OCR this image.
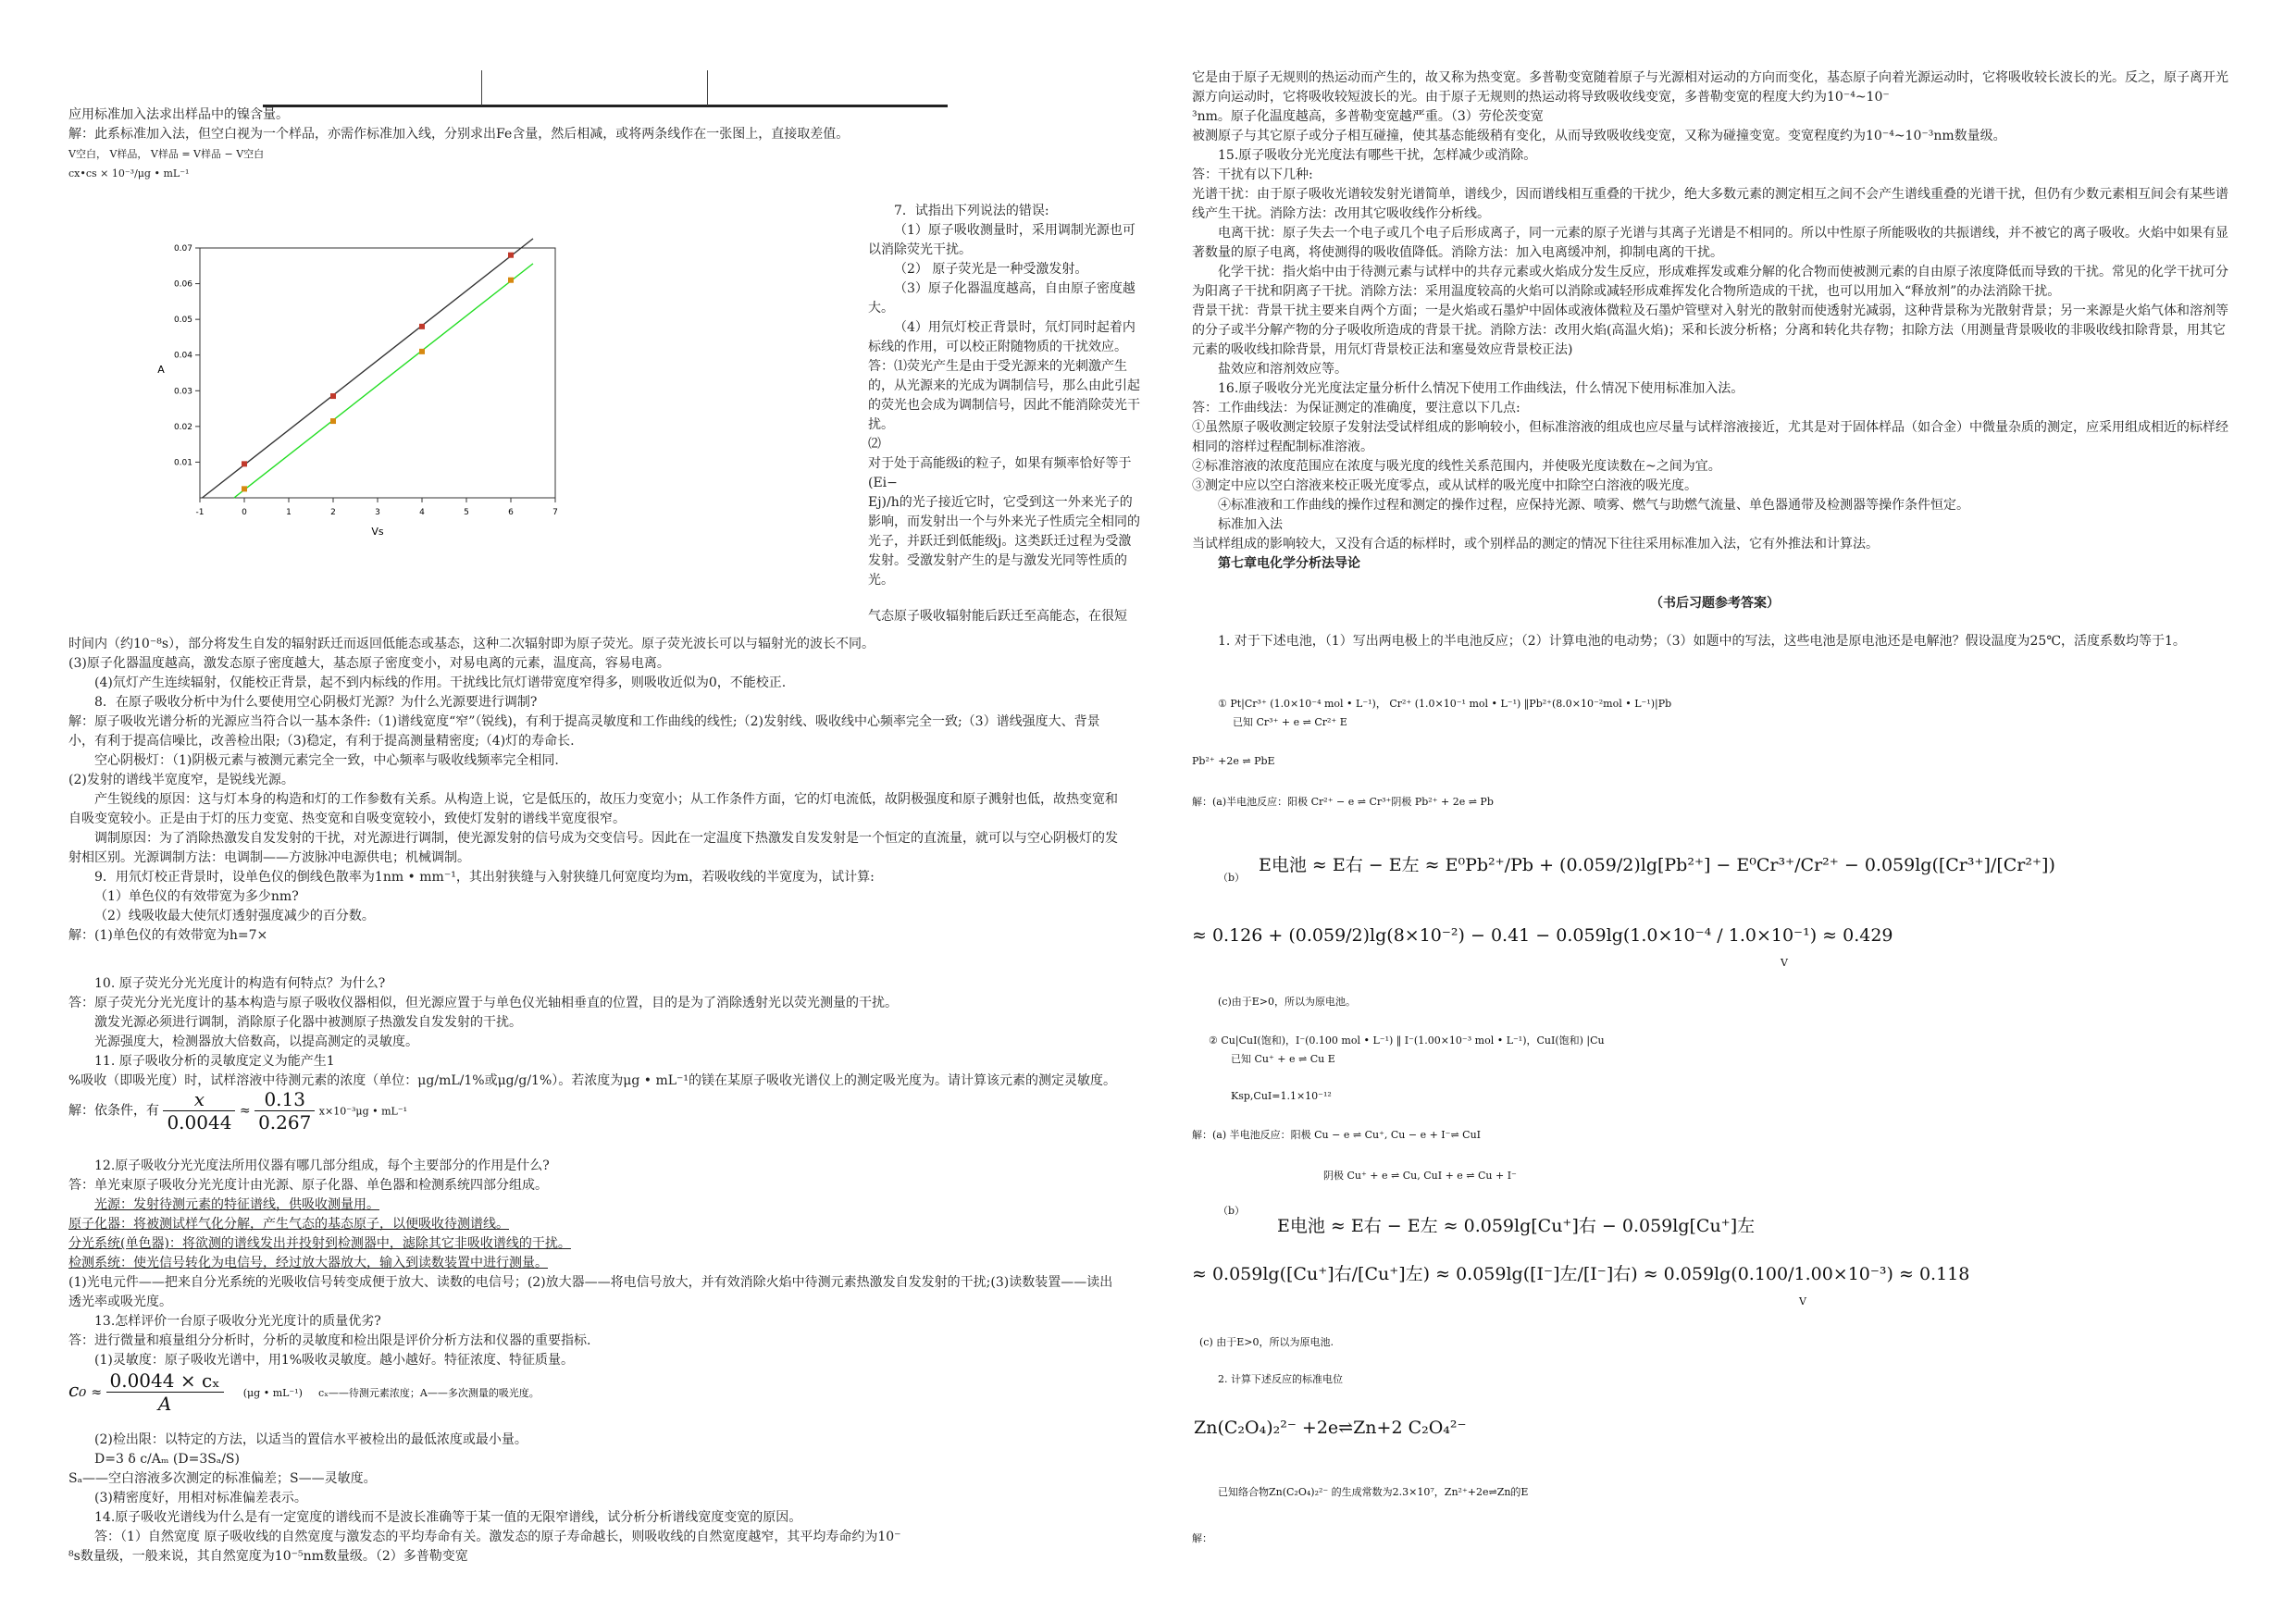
应用标准加入法求出样品中的镍含量。

解：此系标准加入法，但空白视为一个样品，亦需作标准加入线，分别求出Fe含量，然后相减，或将两条线作在一张图上，直接取差值。

V空白， V样品， V样品 = V样品 − V空白

cx•cs × 10⁻³/μg • mL⁻¹

-1	0	1	2	3	4	5	6	7
0.01
0.02
0.03
0.04
0.05
0.06
0.07
Vs
A

7．试指出下列说法的错误:

（1）原子吸收测量时，采用调制光源也可以消除荧光干扰。

（2） 原子荧光是一种受激发射。

（3）原子化器温度越高，自由原子密度越大。

（4）用氘灯校正背景时，氘灯同时起着内标线的作用，可以校正附随物质的干扰效应。

答：⑴荧光产生是由于受光源来的光刺激产生的，从光源来的光成为调制信号，那么由此引起的荧光也会成为调制信号，因此不能消除荧光干扰。

⑵

对于处于高能级i的粒子，如果有频率恰好等于(Ei−

Ej)/h的光子接近它时，它受到这一外来光子的影响，而发射出一个与外来光子性质完全相同的光子，并跃迁到低能级j。这类跃迁过程为受激发射。受激发射产生的是与激发光同等性质的光。

气态原子吸收辐射能后跃迁至高能态，在很短

时间内（约10⁻⁸s），部分将发生自发的辐射跃迁而返回低能态或基态，这种二次辐射即为原子荧光。原子荧光波长可以与辐射光的波长不同。

(3)原子化器温度越高，激发态原子密度越大，基态原子密度变小，对易电离的元素，温度高，容易电离。

(4)氘灯产生连续辐射，仅能校正背景，起不到内标线的作用。干扰线比氘灯谱带宽度窄得多，则吸收近似为0，不能校正.

8．在原子吸收分析中为什么要使用空心阴极灯光源？为什么光源要进行调制?

解：原子吸收光谱分析的光源应当符合以一基本条件:（1)谱线宽度“窄”（锐线)，有利于提高灵敏度和工作曲线的线性;（2)发射线、吸收线中心频率完全一致;（3）谱线强度大、背景小，有利于提高信噪比，改善检出限;（3)稳定，有利于提高测量精密度;（4)灯的寿命长.

空心阴极灯：（1)阴极元素与被测元素完全一致，中心频率与吸收线频率完全相同.

(2)发射的谱线半宽度窄，是锐线光源。

产生锐线的原因：这与灯本身的构造和灯的工作参数有关系。从构造上说，它是低压的，故压力变宽小；从工作条件方面，它的灯电流低，故阴极强度和原子溅射也低，故热变宽和自吸变宽较小。正是由于灯的压力变宽、热变宽和自吸变宽较小，致使灯发射的谱线半宽度很窄。

调制原因：为了消除热激发自发发射的干扰，对光源进行调制，使光源发射的信号成为交变信号。因此在一定温度下热激发自发发射是一个恒定的直流量，就可以与空心阴极灯的发射相区别。光源调制方法：电调制——方波脉冲电源供电；机械调制。

9．用氘灯校正背景时，设单色仪的倒线色散率为1nm • mm⁻¹，其出射狭缝与入射狭缝几何宽度均为m，若吸收线的半宽度为，试计算:

（1）单色仪的有效带宽为多少nm?

（2）线吸收最大使氘灯透射强度减少的百分数。

解：(1)单色仪的有效带宽为h=7×

10. 原子荧光分光光度计的构造有何特点？为什么?

答：原子荧光分光光度计的基本构造与原子吸收仪器相似，但光源应置于与单色仪光轴相垂直的位置，目的是为了消除透射光以荧光测量的干扰。

激发光源必须进行调制，消除原子化器中被测原子热激发自发发射的干扰。

光源强度大，检测器放大倍数高，以提高测定的灵敏度。

11. 原子吸收分析的灵敏度定义为能产生1

%吸收（即吸光度）时，试样溶液中待测元素的浓度（单位：μg/mL/1%或μg/g/1%）。若浓度为μg • mL⁻¹的镁在某原子吸收光谱仪上的测定吸光度为。请计算该元素的测定灵敏度。

解：依条件，有 $\frac{x}{0.0044} \approx \frac{0.13}{0.267} x\times 10^{-3}\mu g$ • mL⁻¹

12.原子吸收分光光度法所用仪器有哪几部分组成，每个主要部分的作用是什么?

答：单光束原子吸收分光光度计由光源、原子化器、单色器和检测系统四部分组成。

光源：发射待测元素的特征谱线，供吸收测量用。

原子化器：将被测试样气化分解，产生气态的基态原子，以便吸收待测谱线。

分光系统(单色器)：将欲测的谱线发出并投射到检测器中，滤除其它非吸收谱线的干扰。

检测系统：使光信号转化为电信号，经过放大器放大，输入到读数装置中进行测量。

(1)光电元件——把来自分光系统的光吸收信号转变成便于放大、读数的电信号；(2)放大器——将电信号放大，并有效消除火焰中待测元素热激发自发发射的干扰;(3)读数装置——读出透光率或吸光度。

13.怎样评价一台原子吸收分光光度计的质量优劣?

答：进行微量和痕量组分分析时，分析的灵敏度和检出限是评价分析方法和仪器的重要指标.

(1)灵敏度：原子吸收光谱中，用1%吸收灵敏度。越小越好。特征浓度、特征质量。

$c_0 \approx \frac{\text{0.0044 × cₓ}}{A} (\mu g$ • mL⁻¹) cₓ——待测元素浓度；A——多次测量的吸光度。

(2)检出限：以特定的方法，以适当的置信水平被检出的最低浓度或最小量。

D=3 δ c/Aₘ (D=3Sₐ/S)

Sₐ——空白溶液多次测定的标准偏差；S——灵敏度。

(3)精密度好，用相对标准偏差表示。

14.原子吸收光谱线为什么是有一定宽度的谱线而不是波长准确等于某一值的无限窄谱线，试分析分析谱线宽度变宽的原因。

答：（1）自然宽度 原子吸收线的自然宽度与激发态的平均寿命有关。激发态的原子寿命越长，则吸收线的自然宽度越窄，其平均寿命约为10⁻

⁸s数量级，一般来说，其自然宽度为10⁻⁵nm数量级。（2）多普勒变宽

它是由于原子无规则的热运动而产生的，故又称为热变宽。多普勒变宽随着原子与光源相对运动的方向而变化，基态原子向着光源运动时，它将吸收较长波长的光。反之，原子离开光源方向运动时，它将吸收较短波长的光。由于原子无规则的热运动将导致吸收线变宽，多普勒变宽的程度大约为10⁻⁴~10⁻

³nm。原子化温度越高，多普勒变宽越严重。（3）劳伦茨变宽

被测原子与其它原子或分子相互碰撞，使其基态能级稍有变化，从而导致吸收线变宽，又称为碰撞变宽。变宽程度约为10⁻⁴~10⁻³nm数量级。

15.原子吸收分光光度法有哪些干扰，怎样减少或消除。

答：干扰有以下几种:

光谱干扰：由于原子吸收光谱较发射光谱简单，谱线少，因而谱线相互重叠的干扰少，绝大多数元素的测定相互之间不会产生谱线重叠的光谱干扰，但仍有少数元素相互间会有某些谱线产生干扰。消除方法：改用其它吸收线作分析线。

电离干扰：原子失去一个电子或几个电子后形成离子，同一元素的原子光谱与其离子光谱是不相同的。所以中性原子所能吸收的共振谱线，并不被它的离子吸收。火焰中如果有显著数量的原子电离，将使测得的吸收值降低。消除方法：加入电离缓冲剂，抑制电离的干扰。

化学干扰：指火焰中由于待测元素与试样中的共存元素或火焰成分发生反应，形成难挥发或难分解的化合物而使被测元素的自由原子浓度降低而导致的干扰。常见的化学干扰可分为阳离子干扰和阴离子干扰。消除方法：采用温度较高的火焰可以消除或减轻形成难挥发化合物所造成的干扰，也可以用加入“释放剂”的办法消除干扰。

背景干扰：背景干扰主要来自两个方面；一是火焰或石墨炉中固体或液体微粒及石墨炉管壁对入射光的散射而使透射光减弱，这种背景称为光散射背景；另一来源是火焰气体和溶剂等的分子或半分解产物的分子吸收所造成的背景干扰。消除方法：改用火焰(高温火焰)；采和长波分析格；分离和转化共存物；扣除方法（用测量背景吸收的非吸收线扣除背景，用其它元素的吸收线扣除背景，用氘灯背景校正法和塞曼效应背景校正法)

盐效应和溶剂效应等。

16.原子吸收分光光度法定量分析什么情况下使用工作曲线法，什么情况下使用标准加入法。

答：工作曲线法：为保证测定的准确度，要注意以下几点:

①虽然原子吸收测定较原子发射法受试样组成的影响较小，但标准溶液的组成也应尽量与试样溶液接近，尤其是对于固体样品（如合金）中微量杂质的测定，应采用组成相近的标样经相同的溶样过程配制标准溶液。

②标准溶液的浓度范围应在浓度与吸光度的线性关系范围内，并使吸光度读数在~之间为宜。

③测定中应以空白溶液来校正吸光度零点，或从试样的吸光度中扣除空白溶液的吸光度。

④标准液和工作曲线的操作过程和测定的操作过程，应保持光源、喷雾、燃气与助燃气流量、单色器通带及检测器等操作条件恒定。

标准加入法

当试样组成的影响较大，又没有合适的标样时，或个别样品的测定的情况下往往采用标准加入法，它有外推法和计算法。

第七章电化学分析法导论

（书后习题参考答案）

1. 对于下述电池，（1）写出两电极上的半电池反应；（2）计算电池的电动势；（3）如题中的写法，这些电池是原电池还是电解池？假设温度为25℃，活度系数均等于1。

① Pt|Cr³⁺ (1.0×10⁻⁴ mol • L⁻¹)， Cr²⁺ (1.0×10⁻¹ mol • L⁻¹) ‖Pb²⁺(8.0×10⁻²mol • L⁻¹)|Pb
已知 Cr³⁺ + e ⇌ Cr²⁺ E
Pb²⁺ +2e ⇌ PbE
解：(a)半电池反应：阳极 Cr²⁺ − e ⇌ Cr³⁺阴极 Pb²⁺ + 2e ⇌ Pb
（b）
E电池 ≈ E右 − E左 ≈ E⁰Pb²⁺/Pb + (0.059/2)lg[Pb²⁺] − E⁰Cr³⁺/Cr²⁺ − 0.059lg([Cr³⁺]/[Cr²⁺])
≈ 0.126 + (0.059/2)lg(8×10⁻²) − 0.41 − 0.059lg(1.0×10⁻⁴ / 1.0×10⁻¹) ≈ 0.429
V
(c)由于E>0，所以为原电池。
② Cu|CuI(饱和)，I⁻(0.100 mol • L⁻¹) ‖ I⁻(1.00×10⁻³ mol • L⁻¹)，CuI(饱和) |Cu
已知 Cu⁺ + e ⇌ Cu E
Ksp,CuI=1.1×10⁻¹²
解：(a) 半电池反应：阳极 Cu − e ⇌ Cu⁺, Cu − e + I⁻⇌ CuI
阴极 Cu⁺ + e ⇌ Cu, CuI + e ⇌ Cu + I⁻
（b）
E电池 ≈ E右 − E左 ≈ 0.059lg[Cu⁺]右 − 0.059lg[Cu⁺]左
≈ 0.059lg([Cu⁺]右/[Cu⁺]左) ≈ 0.059lg([I⁻]左/[I⁻]右) ≈ 0.059lg(0.100/1.00×10⁻³) ≈ 0.118
V
(c) 由于E>0，所以为原电池.
2. 计算下述反应的标准电位
Zn(C₂O₄)₂²⁻ +2e⇌Zn+2 C₂O₄²⁻
已知络合物Zn(C₂O₄)₂²⁻ 的生成常数为2.3×10⁷，Zn²⁺+2e⇌Zn的E
解：
